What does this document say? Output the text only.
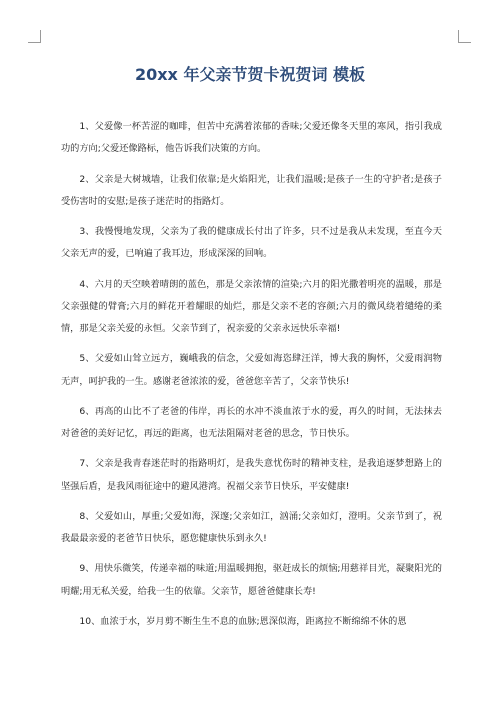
20xx 年父亲节贺卡祝贺词 模板

1、父爱像一杯苦涩的咖啡，但苦中充满着浓郁的香味;父爱还像冬天里的寒风，指引我成功的方向;父爱还像路标，他告诉我们决策的方向。

2、父亲是大树城墙，让我们依靠;是火焰阳光，让我们温暖;是孩子一生的守护者;是孩子受伤害时的安慰;是孩子迷茫时的指路灯。

3、我慢慢地发现，父亲为了我的健康成长付出了许多，只不过是我从未发现，至直今天父亲无声的爱，已响遍了我耳边，形成深深的回响。

4、六月的天空映着晴朗的蓝色，那是父亲浓情的渲染;六月的阳光撒着明亮的温暖，那是父亲强健的臂膏;六月的鲜花开着耀眼的灿烂，那是父亲不老的容颜;六月的微风绕着缱绻的柔情，那是父亲关爱的永恒。父亲节到了，祝亲爱的父亲永远快乐幸福!

5、父爱如山耸立远方，巍峨我的信念，父爱如海恣肆汪洋，博大我的胸怀，父爱雨润物无声，呵护我的一生。感谢老爸浓浓的爱，爸爸您辛苦了，父亲节快乐!

6、再高的山比不了老爸的伟岸，再长的水冲不淡血浓于水的爱，再久的时间，无法抹去对爸爸的美好记忆，再远的距离，也无法阻隔对老爸的思念，节日快乐。

7、父亲是我青春迷茫时的指路明灯，是我失意忧伤时的精神支柱，是我追逐梦想路上的坚强后盾，是我风雨征途中的避风港湾。祝福父亲节日快乐，平安健康!

8、父爱如山，厚重;父爱如海，深邃;父亲如江，汹涌;父亲如灯，澄明。父亲节到了，祝我最最亲爱的老爸节日快乐，愿您健康快乐到永久!

9、用快乐微笑，传递幸福的味道;用温暖拥抱，驱赶成长的烦恼;用慈祥目光，凝聚阳光的明耀;用无私关爱，给我一生的依靠。父亲节，愿爸爸健康长寿!

10、血浓于水，岁月剪不断生生不息的血脉;恩深似海，距离拉不断绵绵不休的恩
